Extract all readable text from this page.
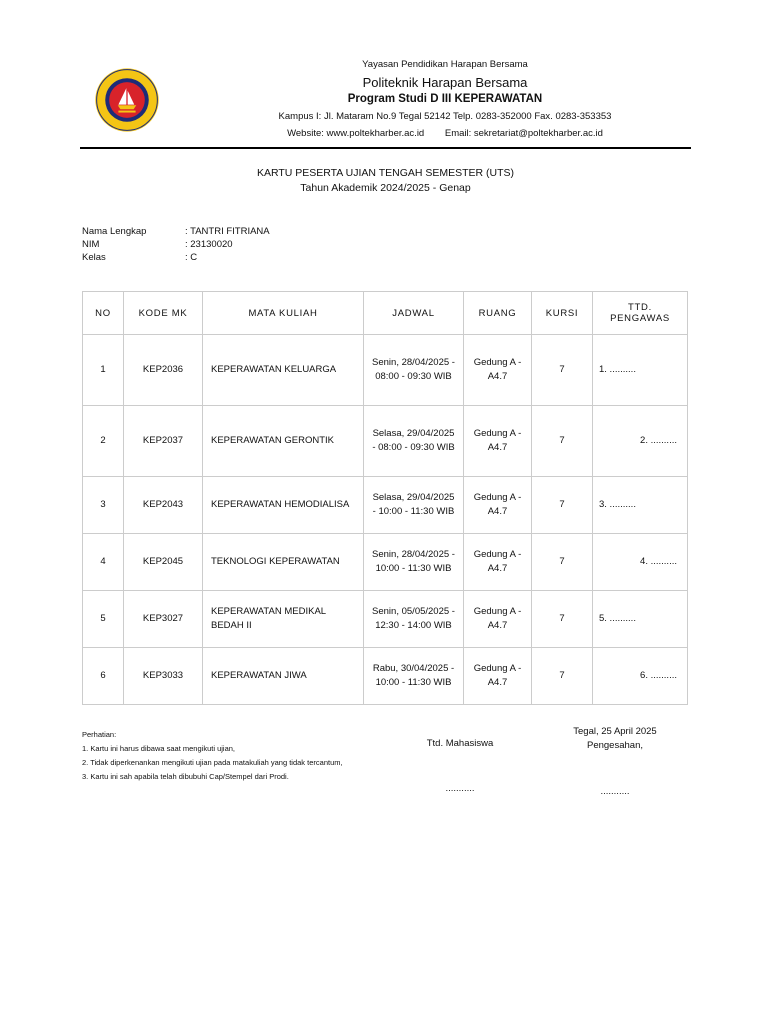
Yayasan Pendidikan Harapan Bersama
Politeknik Harapan Bersama
Program Studi D III KEPERAWATAN
Kampus I: Jl. Mataram No.9 Tegal 52142 Telp. 0283-352000 Fax. 0283-353353
Website: www.poltekharber.ac.id Email: sekretariat@poltekharber.ac.id
KARTU PESERTA UJIAN TENGAH SEMESTER (UTS)
Tahun Akademik 2024/2025 - Genap
Nama Lengkap	: TANTRI FITRIANA
NIM	: 23130020
Kelas	: C
NO	KODE MK	MATA KULIAH	JADWAL	RUANG	KURSI	TTD. PENGAWAS
1	KEP2036	KEPERAWATAN KELUARGA	Senin, 28/04/2025 - 08:00 - 09:30 WIB	Gedung A - A4.7	7	1. ..........
2	KEP2037	KEPERAWATAN GERONTIK	Selasa, 29/04/2025 - 08:00 - 09:30 WIB	Gedung A - A4.7	7	2. ..........
3	KEP2043	KEPERAWATAN HEMODIALISA	Selasa, 29/04/2025 - 10:00 - 11:30 WIB	Gedung A - A4.7	7	3. ..........
4	KEP2045	TEKNOLOGI KEPERAWATAN	Senin, 28/04/2025 - 10:00 - 11:30 WIB	Gedung A - A4.7	7	4. ..........
5	KEP3027	KEPERAWATAN MEDIKAL BEDAH II	Senin, 05/05/2025 - 12:30 - 14:00 WIB	Gedung A - A4.7	7	5. ..........
6	KEP3033	KEPERAWATAN JIWA	Rabu, 30/04/2025 - 10:00 - 11:30 WIB	Gedung A - A4.7	7	6. ..........
Perhatian:
1. Kartu ini harus dibawa saat mengikuti ujian,
2. Tidak diperkenankan mengikuti ujian pada matakuliah yang tidak tercantum,
3. Kartu ini sah apabila telah dibubuhi Cap/Stempel dari Prodi.
Ttd. Mahasiswa
...........
Tegal, 25 April 2025
Pengesahan,
...........
